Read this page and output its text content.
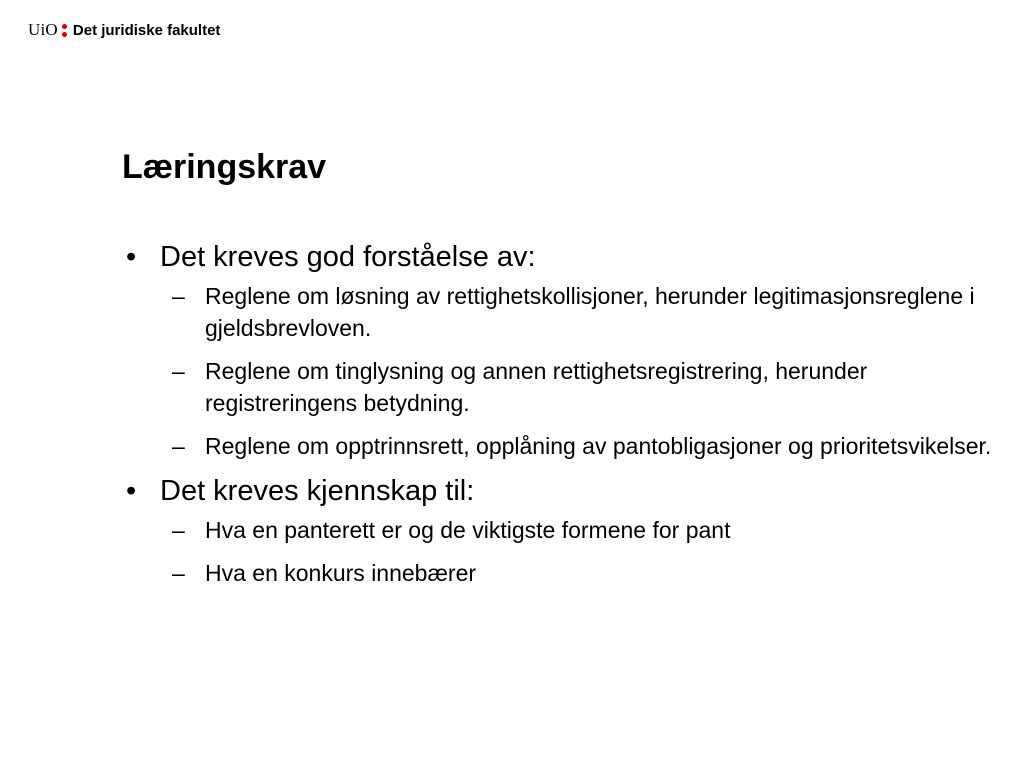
UiO Det juridiske fakultet
Læringskrav
• Det kreves god forståelse av:
– Reglene om løsning av rettighetskollisjoner, herunder legitimasjonsreglene i gjeldsbrevloven.
– Reglene om tinglysning og annen rettighetsregistrering, herunder registreringens betydning.
– Reglene om opptrinnsrett, opplåning av pantobligasjoner og prioritetsvikelser.
• Det kreves kjennskap til:
– Hva en panterett er og de viktigste formene for pant
– Hva en konkurs innebærer
